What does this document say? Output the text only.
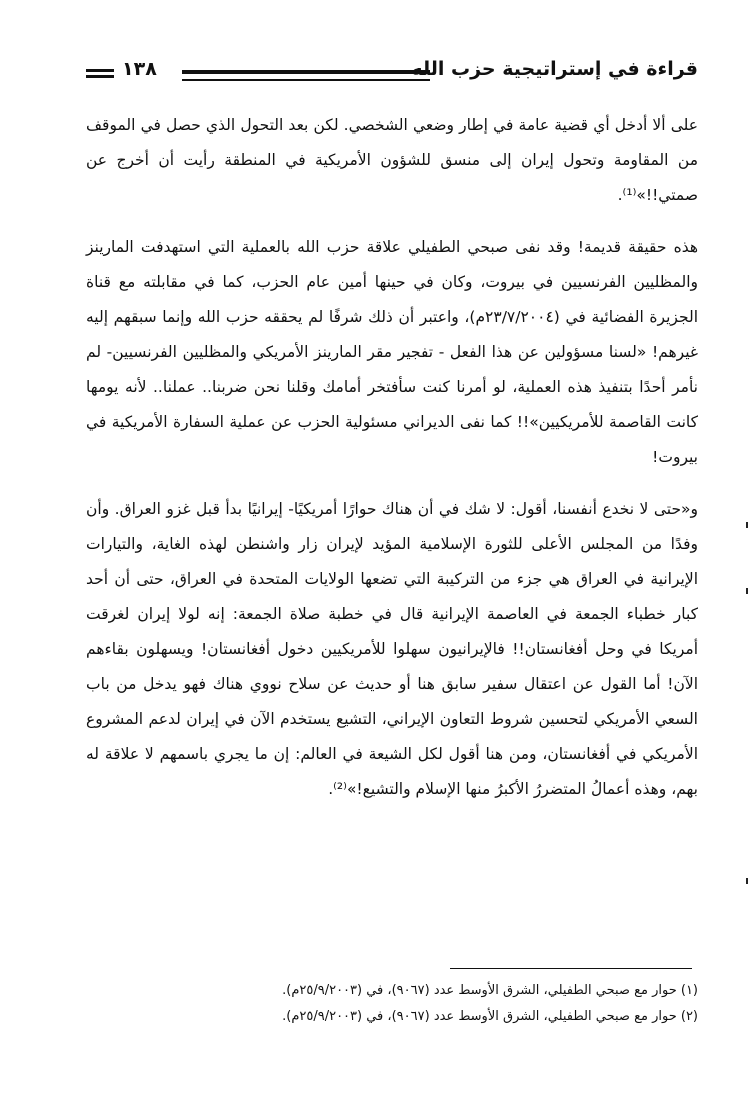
قراءة في إستراتيجية حزب الله
١٣٨

على ألا أدخل أي قضية عامة في إطار وضعي الشخصي. لكن بعد التحول الذي حصل في الموقف من المقاومة وتحول إيران إلى منسق للشؤون الأمريكية في المنطقة رأيت أن أخرج عن صمتي!!»⁽¹⁾.

هذه حقيقة قديمة! وقد نفى صبحي الطفيلي علاقة حزب الله بالعملية التي استهدفت المارينز والمظليين الفرنسيين في بيروت، وكان في حينها أمين عام الحزب، كما في مقابلته مع قناة الجزيرة الفضائية في (٢٣/٧/٢٠٠٤م)، واعتبر أن ذلك شرفًا لم يحققه حزب الله وإنما سبقهم إليه غيرهم! «لسنا مسؤولين عن هذا الفعل - تفجير مقر المارينز الأمريكي والمظليين الفرنسيين- لم نأمر أحدًا بتنفيذ هذه العملية، لو أمرنا كنت سأفتخر أمامك وقلنا نحن ضربنا.. عملنا.. لأنه يومها كانت القاصمة للأمريكيين»!! كما نفى الديراني مسئولية الحزب عن عملية السفارة الأمريكية في بيروت!

و«حتى لا نخدع أنفسنا، أقول: لا شك في أن هناك حوارًا أمريكيًا- إيرانيًا بدأ قبل غزو العراق. وأن وفدًا من المجلس الأعلى للثورة الإسلامية المؤيد لإيران زار واشنطن لهذه الغاية، والتيارات الإيرانية في العراق هي جزء من التركيبة التي تضعها الولايات المتحدة في العراق، حتى أن أحد كبار خطباء الجمعة في العاصمة الإيرانية قال في خطبة صلاة الجمعة: إنه لولا إيران لغرقت أمريكا في وحل أفغانستان!! فالإيرانيون سهلوا للأمريكيين دخول أفغانستان! ويسهلون بقاءهم الآن! أما القول عن اعتقال سفير سابق هنا أو حديث عن سلاح نووي هناك فهو يدخل من باب السعي الأمريكي لتحسين شروط التعاون الإيراني، التشيع يستخدم الآن في إيران لدعم المشروع الأمريكي في أفغانستان، ومن هنا أقول لكل الشيعة في العالم: إن ما يجري باسمهم لا علاقة له بهم، وهذه أعمالُ المتضررُ الأكبرُ منها الإسلام والتشيع!»⁽²⁾.

(١) حوار مع صبحي الطفيلي، الشرق الأوسط عدد (٩٠٦٧)، في (٢٥/٩/٢٠٠٣م).
(٢) حوار مع صبحي الطفيلي، الشرق الأوسط عدد (٩٠٦٧)، في (٢٥/٩/٢٠٠٣م).
